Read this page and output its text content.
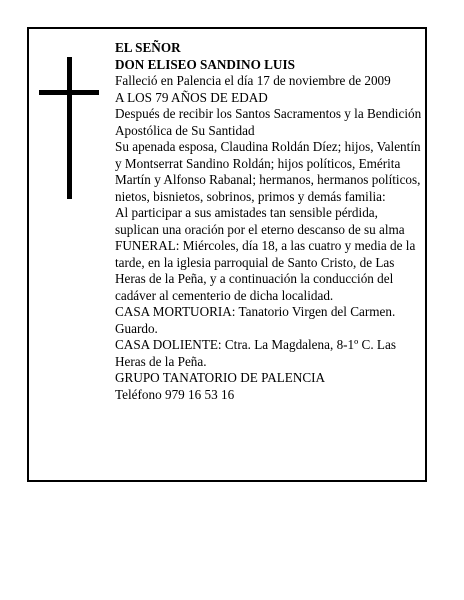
EL SEÑOR

DON ELISEO SANDINO LUIS

Falleció en Palencia el día 17 de noviembre de 2009

A LOS 79 AÑOS DE EDAD

Después de recibir los Santos Sacramentos y la Bendición Apostólica de Su Santidad

Su apenada esposa, Claudina Roldán Díez; hijos, Valentín y Montserrat Sandino Roldán; hijos políticos, Emérita Martín y Alfonso Rabanal; hermanos, hermanos políticos, nietos, bisnietos, sobrinos, primos y demás familia:

Al participar a sus amistades tan sensible pérdida, suplican una oración por el eterno descanso de su alma

FUNERAL: Miércoles, día 18, a las cuatro y media de la tarde, en la iglesia parroquial de Santo Cristo, de Las Heras de la Peña, y a continuación la conducción del cadáver al cementerio de dicha localidad.

CASA MORTUORIA: Tanatorio Virgen del Carmen. Guardo.

CASA DOLIENTE: Ctra. La Magdalena, 8-1º C. Las Heras de la Peña.

GRUPO TANATORIO DE PALENCIA

Teléfono 979 16 53 16
